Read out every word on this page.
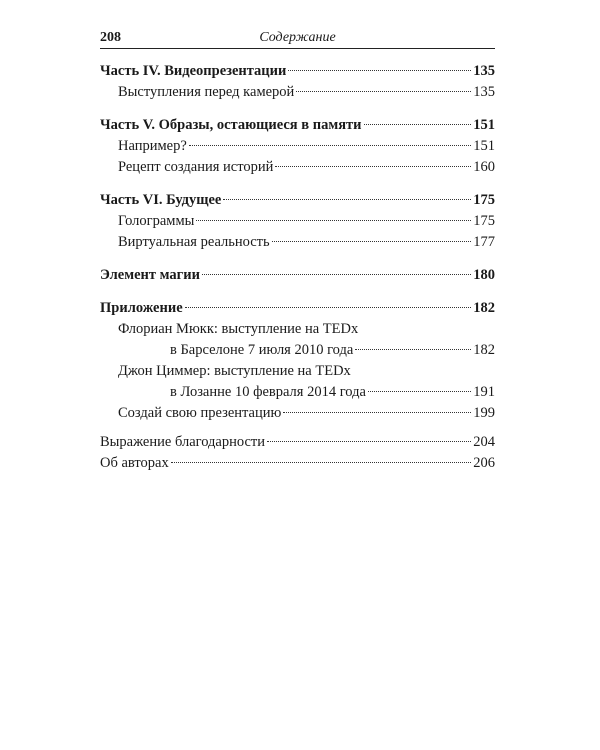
208	Содержание
Часть IV. Видеопрезентации	135
Выступления перед камерой	135
Часть V. Образы, остающиеся в памяти	151
Например?	151
Рецепт создания историй	160
Часть VI. Будущее	175
Голограммы	175
Виртуальная реальность	177
Элемент магии	180
Приложение	182
Флориан Мюкк: выступление на TEDx
в Барселоне 7 июля 2010 года	182
Джон Циммер: выступление на TEDx
в Лозанне 10 февраля 2014 года	191
Создай свою презентацию	199
Выражение благодарности	204
Об авторах	206
